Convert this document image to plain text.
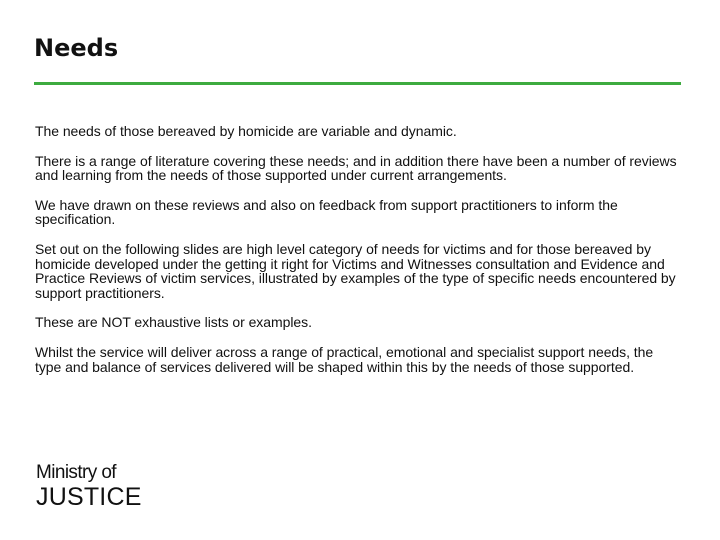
Needs

The needs of those bereaved by homicide are variable and dynamic.

There is a range of literature covering these needs; and in addition there have been a number of reviews and learning from the needs of those supported under current arrangements.

We have drawn on these reviews and also on feedback from support practitioners to inform the specification.

Set out on the following slides are high level category of needs for victims and for those bereaved by homicide developed under the getting it right for Victims and Witnesses consultation and Evidence and Practice Reviews of victim services, illustrated by examples of the type of specific needs encountered by support practitioners.

These are NOT exhaustive lists or examples.

Whilst the service will deliver across a range of practical, emotional and specialist support needs, the type and balance of services delivered will be shaped within this by the needs of those supported.

Ministry of
JUSTICE
